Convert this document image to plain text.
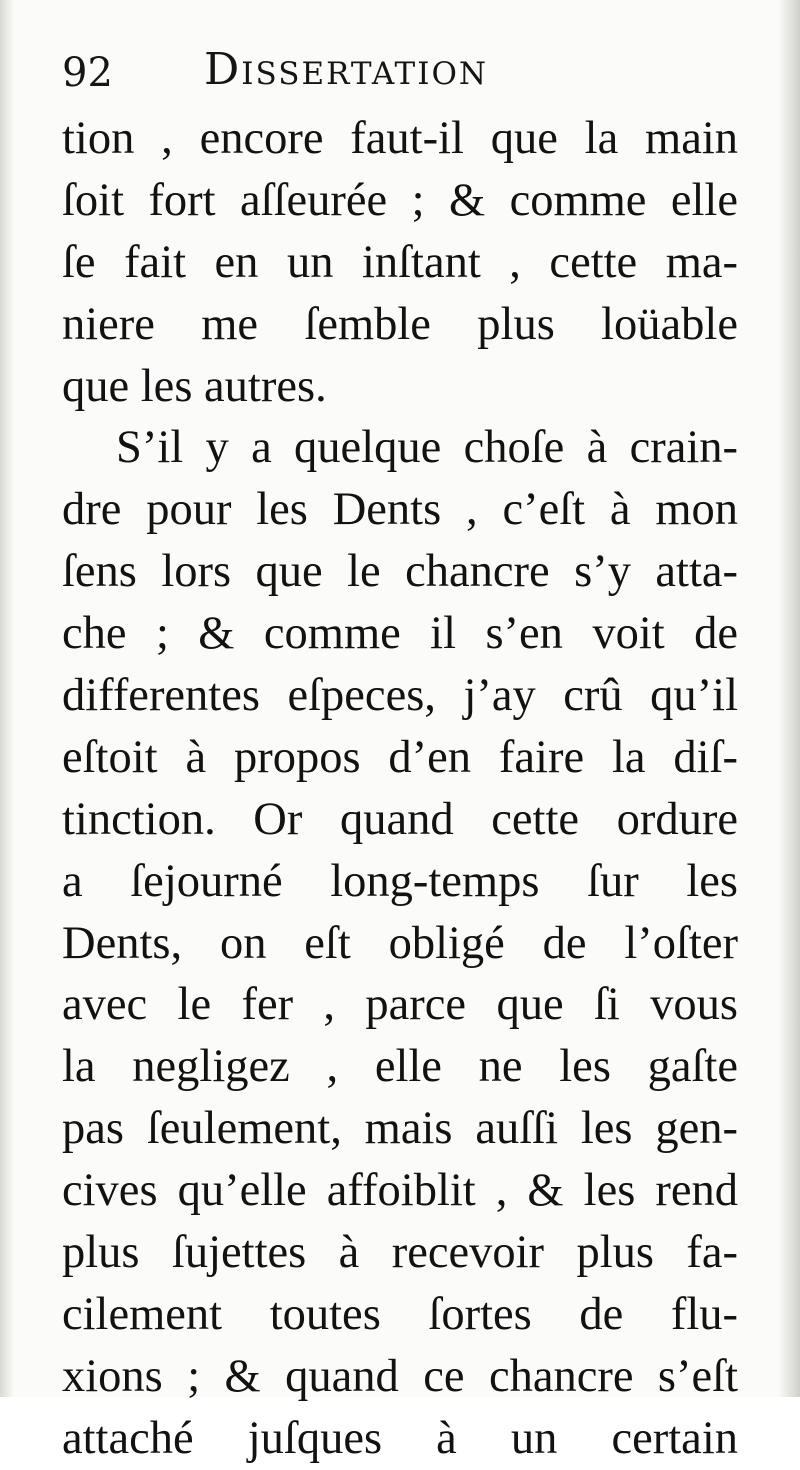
92 Dissertation
tion , encore faut-il que la main
ſoit fort aſſeurée ; & comme elle
ſe fait en un inſtant , cette ma-
niere me ſemble plus loüable
que les autres.
S’il y a quelque choſe à crain-
dre pour les Dents , c’eſt à mon
ſens lors que le chancre s’y atta-
che ; & comme il s’en voit de
differentes eſpeces, j’ay crû qu’il
eſtoit à propos d’en faire la diſ-
tinction. Or quand cette ordure
a ſejourné long-temps ſur les
Dents, on eſt obligé de l’oſter
avec le fer , parce que ſi vous
la negligez , elle ne les gaſte
pas ſeulement, mais auſſi les gen-
cives qu’elle affoiblit , & les rend
plus ſujettes à recevoir plus fa-
cilement toutes ſortes de flu-
xions ; & quand ce chancre s’eſt
attaché juſques à un certain
